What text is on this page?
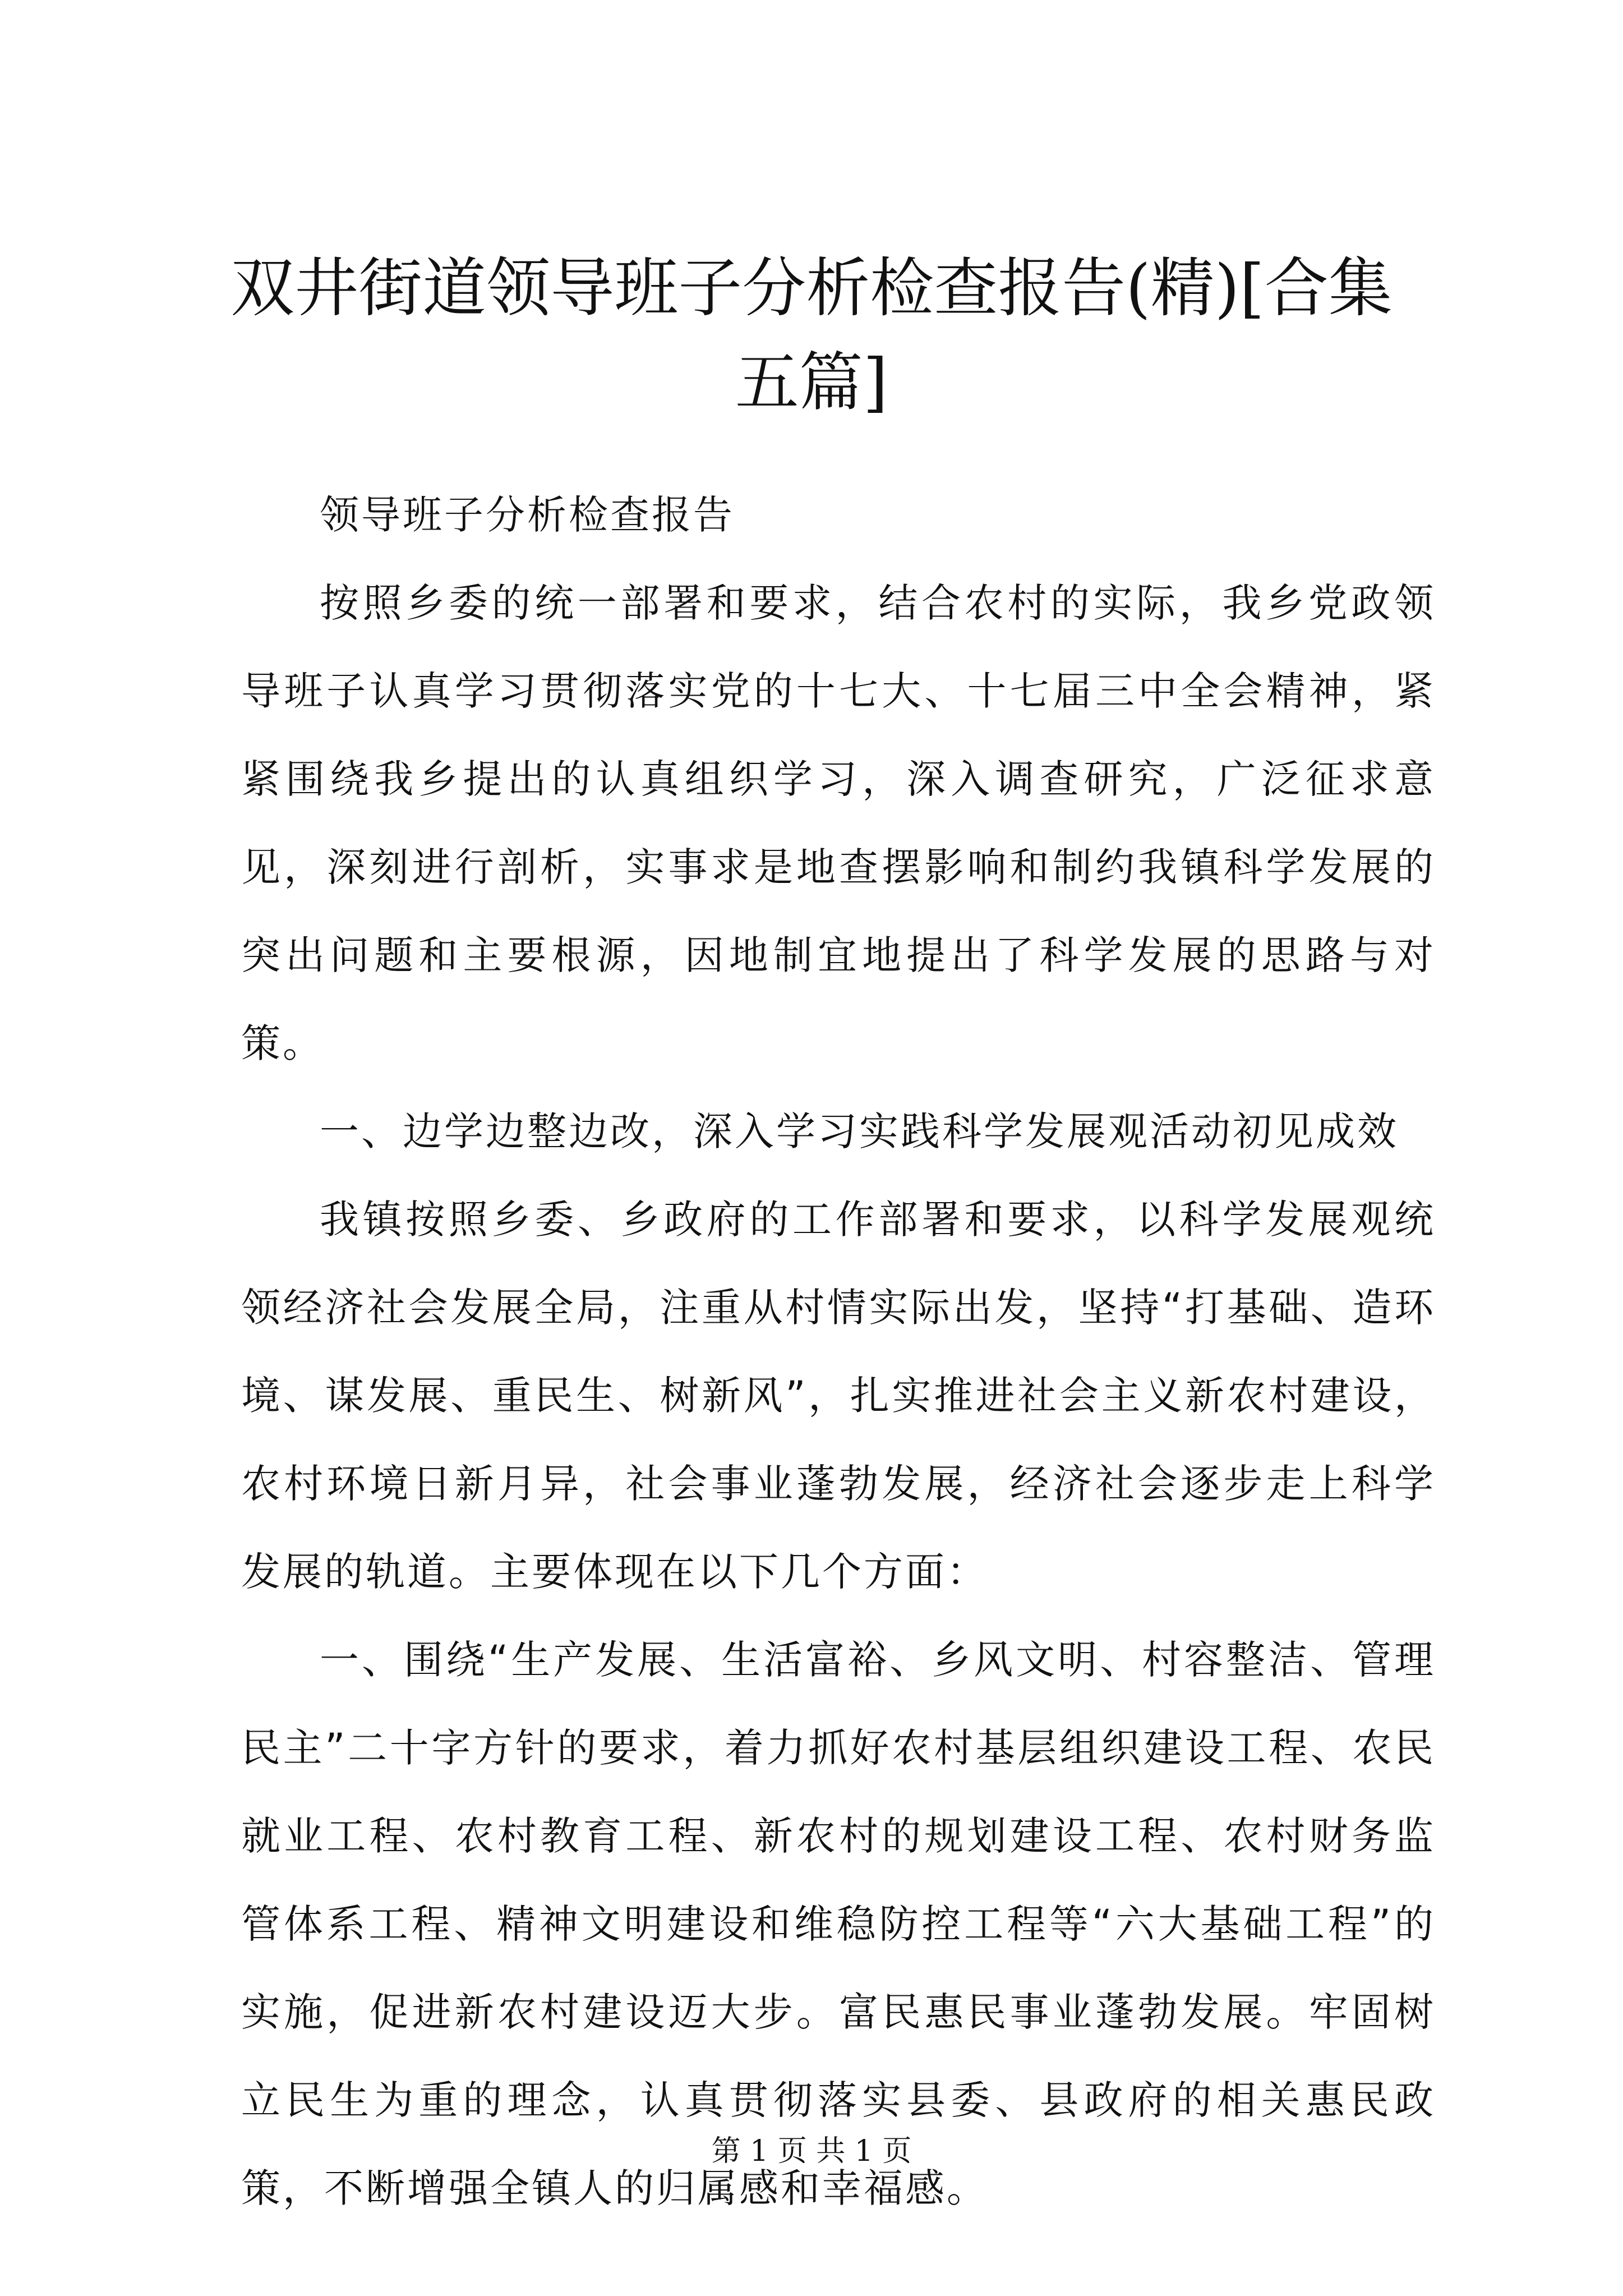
双井街道领导班子分析检查报告(精)[合集五篇]

领导班子分析检查报告

按照乡委的统一部署和要求，结合农村的实际，我乡党政领导班子认真学习贯彻落实党的十七大、十七届三中全会精神，紧紧围绕我乡提出的认真组织学习，深入调查研究，广泛征求意见，深刻进行剖析，实事求是地查摆影响和制约我镇科学发展的突出问题和主要根源，因地制宜地提出了科学发展的思路与对策。

一、边学边整边改，深入学习实践科学发展观活动初见成效

我镇按照乡委、乡政府的工作部署和要求，以科学发展观统领经济社会发展全局，注重从村情实际出发，坚持“打基础、造环境、谋发展、重民生、树新风”，扎实推进社会主义新农村建设，农村环境日新月异，社会事业蓬勃发展，经济社会逐步走上科学发展的轨道。主要体现在以下几个方面：

一、围绕“生产发展、生活富裕、乡风文明、村容整洁、管理民主”二十字方针的要求，着力抓好农村基层组织建设工程、农民就业工程、农村教育工程、新农村的规划建设工程、农村财务监管体系工程、精神文明建设和维稳防控工程等“六大基础工程”的实施，促进新农村建设迈大步。富民惠民事业蓬勃发展。牢固树立民生为重的理念，认真贯彻落实县委、县政府的相关惠民政策，不断增强全镇人的归属感和幸福感。

第 1 页 共 1 页
